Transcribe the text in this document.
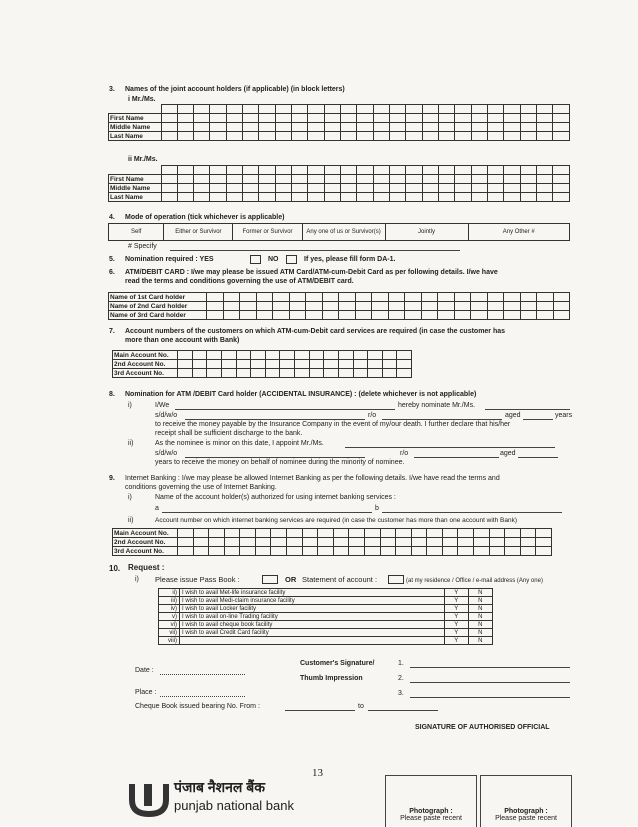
3. Names of the joint account holders (if applicable) (in block letters)
i Mr./Ms.

First Name																									
Middle Name																									
Last Name																									
ii Mr./Ms.

First Name																									
Middle Name																									
Last Name																									
4. Mode of operation (tick whichever is applicable)
Self	Either or Survivor	Former or Survivor	Any one of us or Survivor(s)	Jointly	Any Other #
# Specify
5. Nomination required : YES	NO	If yes, please fill form DA-1.
6. ATM/DEBIT CARD : I/we may please be issued ATM Card/ATM-cum-Debit Card as per following details. I/we have
read the terms and conditions governing the use of ATM/DEBIT card.
Name of 1st Card holder																						
Name of 2nd Card holder																						
Name of 3rd Card holder																						
7. Account numbers of the customers on which ATM-cum-Debit card services are required (in case the customer has
more than one account with Bank)
Main Account No.																
2nd Account No.																
3rd Account No.																
8. Nomination for ATM /DEBIT Card holder (ACCIDENTAL INSURANCE) : (delete whichever is not applicable)
i)	I/We	hereby nominate Mr./Ms.
s/d/w/o	r/o	aged	years
to receive the money payable by the Insurance Company in the event of my/our death. I further declare that his/her
receipt shall be sufficient discharge to the bank.
ii)	As the nominee is minor on this date, I appoint Mr./Ms.
s/d/w/o	r/o	aged
years to receive the money on behalf of nominee during the minority of nominee.
9. Internet Banking : I/we may please be allowed Internet Banking as per the following details. I/we have read the terms and
conditions governing the use of Internet Banking.
i)	Name of the account holder(s) authorized for using internet banking services :
a	b
ii)	Account number on which internet banking services are required (in case the customer has more than one account with Bank)
Main Account No.																								
2nd Account No.																								
3rd Account No.																								
10. Request :
i) Please issue Pass Book :	OR Statement of account :	(at my residence / Office / e-mail address (Any one)
ii)	I wish to avail Met-life insurance facility	Y	N
iii)	I wish to avail Medi-claim insurance facility	Y	N
iv)	I wish to avail Locker facility	Y	N
v)	I wish to avail on-line Trading facility	Y	N
vi)	I wish to avail cheque book facility	Y	N
vii)	I wish to avail Credit Card facility	Y	N
viii)		Y	N
Customer's Signature/
Thumb Impression
1.
2.
3.
Date :
Place :
Cheque Book issued bearing No. From :	to
SIGNATURE OF AUTHORISED OFFICIAL
13
पंजाब नैशनल बैंक
punjab national bank	Photograph :
Please paste recent
Photograph :
Please paste recent
